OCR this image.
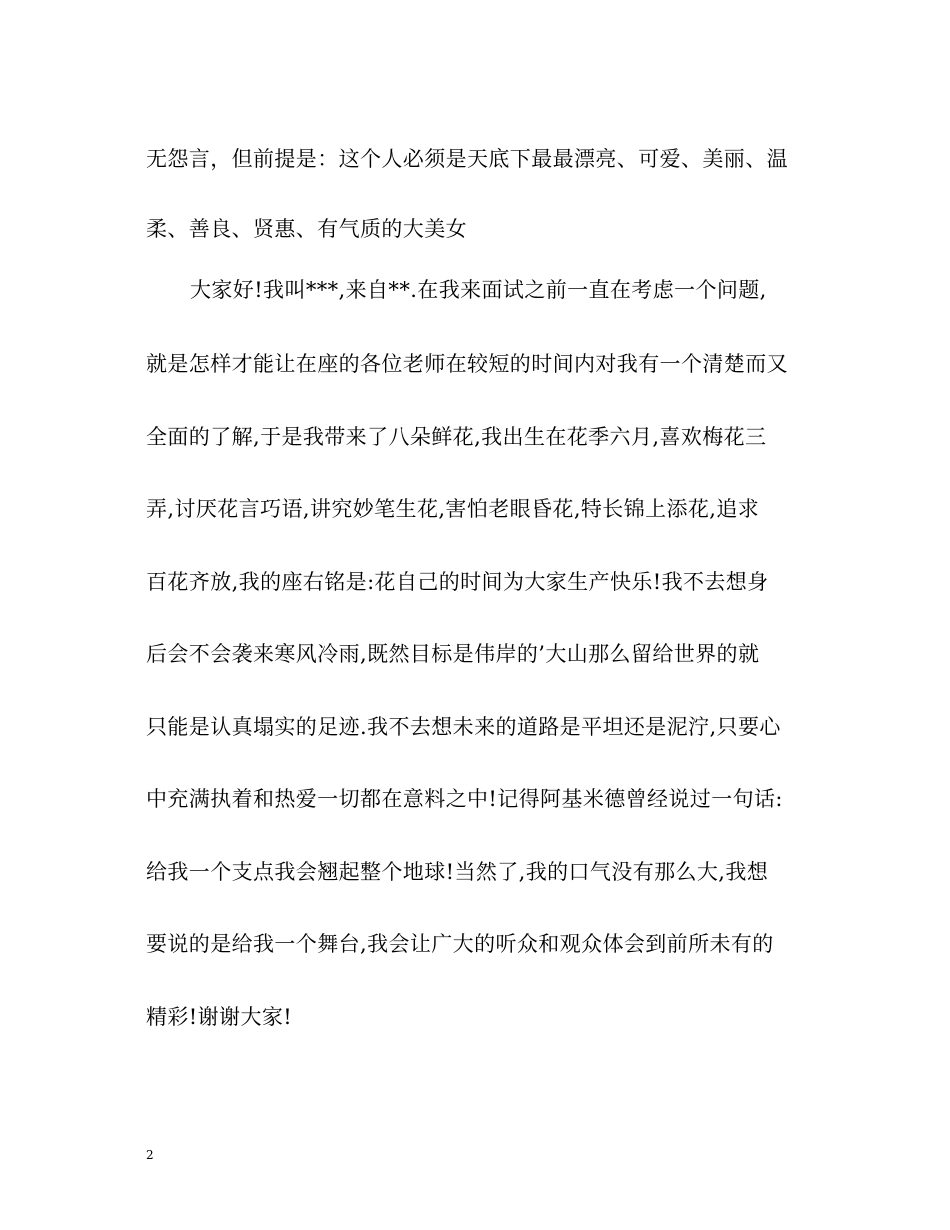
无怨言，但前提是：这个人必须是天底下最最漂亮、可爱、美丽、温
柔、善良、贤惠、有气质的大美女
大家好!我叫***,来自**.在我来面试之前一直在考虑一个问题,
就是怎样才能让在座的各位老师在较短的时间内对我有一个清楚而又
全面的了解,于是我带来了八朵鲜花,我出生在花季六月,喜欢梅花三
弄,讨厌花言巧语,讲究妙笔生花,害怕老眼昏花,特长锦上添花,追求
百花齐放,我的座右铭是:花自己的时间为大家生产快乐!我不去想身
后会不会袭来寒风冷雨,既然目标是伟岸的’大山那么留给世界的就
只能是认真塌实的足迹.我不去想未来的道路是平坦还是泥泞,只要心
中充满执着和热爱一切都在意料之中!记得阿基米德曾经说过一句话:
给我一个支点我会翘起整个地球!当然了,我的口气没有那么大,我想
要说的是给我一个舞台,我会让广大的听众和观众体会到前所未有的
精彩!谢谢大家!
2
